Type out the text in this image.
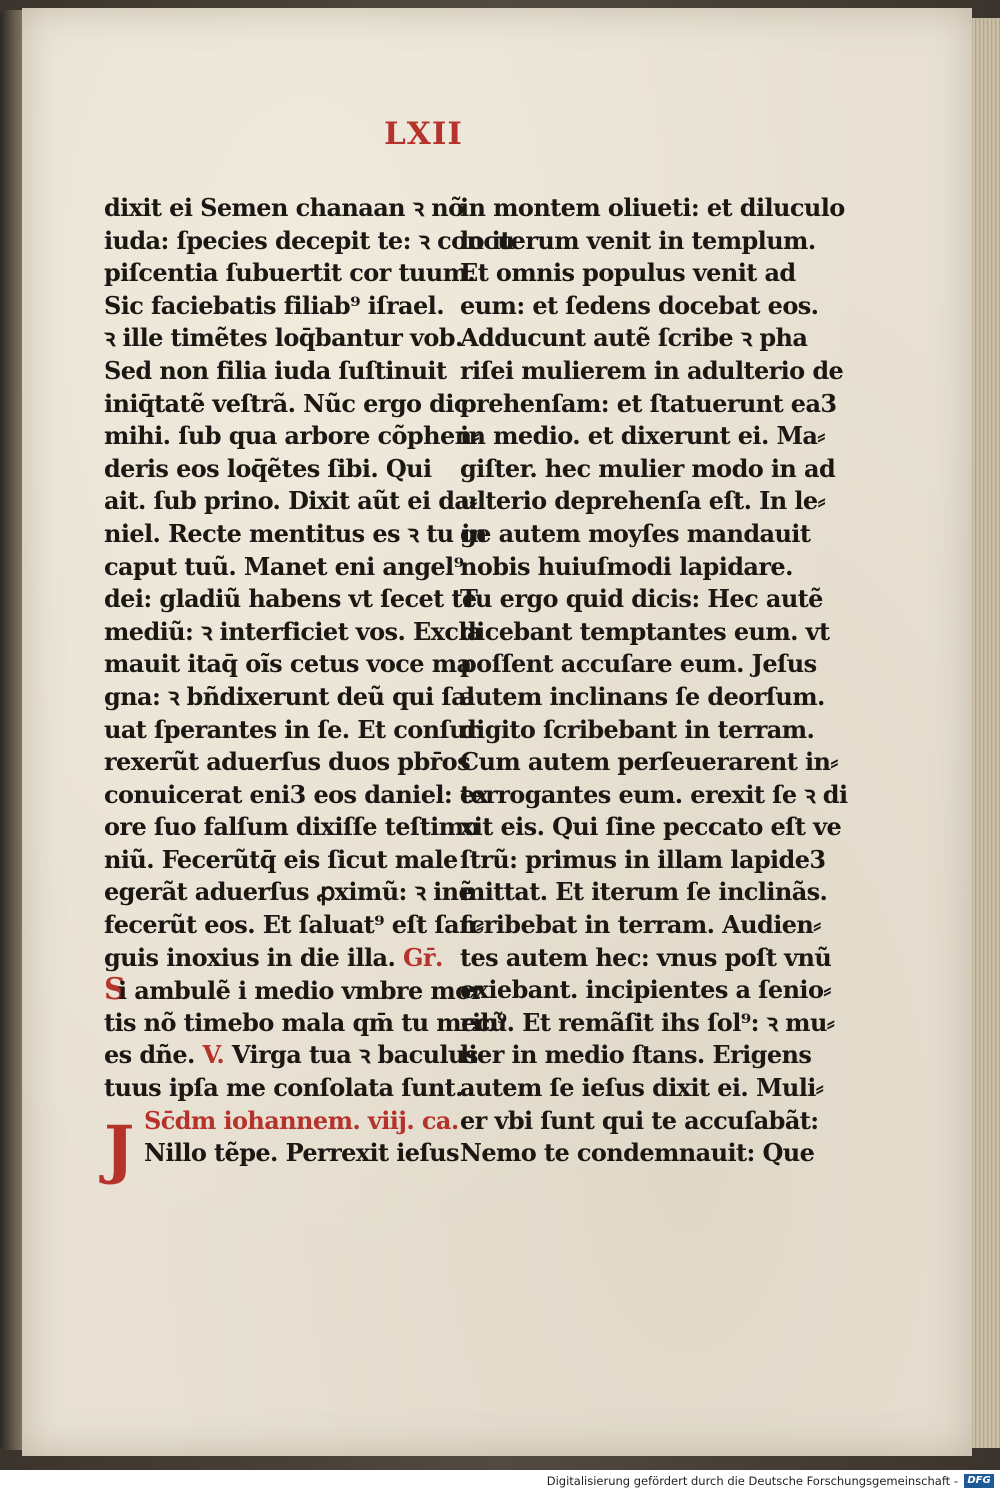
LXII
dixit ei Semen chanaan ꝛ nõ
iuda: ſpecies decepit te: ꝛ concu
piſcentia ſubuertit cor tuum.
Sic faciebatis filiab⁹ iſrael.
ꝛ ille timẽtes loq̄bantur vob.
Sed non filia iuda ſuſtinuit
iniq̄tatẽ veſtrã. Nũc ergo dic
mihi. ſub qua arbore cõphen⸗
deris eos loq̄ẽtes ſibi. Qui
ait. ſub prino. Dixit aũt ei da⸗
niel. Recte mentitus es ꝛ tu in
caput tuũ. Manet eni angel⁹
dei: gladiũ habens vt ſecet te
mediũ: ꝛ interficiet vos. Excla
mauit itaq̄ oĩs cetus voce ma
gna: ꝛ bñdixerunt deũ qui ſal
uat ſperantes in ſe. Et conſur
rexerũt aduerſus duos pbr̄os
conuicerat eni3 eos daniel: ex
ore ſuo falſum dixiſſe teſtimo
niũ. Fecerũtq̄ eis ſicut male
egerãt aduerſus ꝓximũ: ꝛ inẽ
fecerũt eos. Et ſaluat⁹ eſt ſan⸗
guis inoxius in die illa. Gr̄.
Si ambulẽ i medio vmbre mor
tis nõ timebo mala qm̄ tu mecũ
es dñe. V. Virga tua ꝛ baculus
tuus ipſa me conſolata ſunt.
Sc̄dm iohannem. viij. ca.
Nillo tẽpe. Perrexit ieſus
J
in montem oliueti: et diluculo
lo iterum venit in templum.
Et omnis populus venit ad
eum: et ſedens docebat eos.
Adducunt autẽ ſcribe ꝛ pha
riſei mulierem in adulterio de
prehenſam: et ſtatuerunt ea3
in medio. et dixerunt ei. Ma⸗
giſter. hec mulier modo in ad
ulterio deprehenſa eſt. In le⸗
ge autem moyſes mandauit
nobis huiuſmodi lapidare.
Tu ergo quid dicis: Hec autẽ
dicebant temptantes eum. vt
poſſent accuſare eum. Jeſus
autem inclinans ſe deorſum.
digito ſcribebant in terram.
Cum autem perſeuerarent in⸗
terrogantes eum. erexit ſe ꝛ di
xit eis. Qui ſine peccato eſt ve
ſtrũ: primus in illam lapide3
mittat. Et iterum ſe inclinãs.
ſcribebat in terram. Audien⸗
tes autem hec: vnus poſt vnũ
exiebant. incipientes a ſenio⸗
rib⁹. Et remãſit ihs ſol⁹: ꝛ mu⸗
lier in medio ſtans. Erigens
autem ſe ieſus dixit ei. Muli⸗
er vbi ſunt qui te accuſabãt:
Nemo te condemnauit: Que
Digitalisierung gefördert durch die Deutsche Forschungsgemeinschaft - DFG
